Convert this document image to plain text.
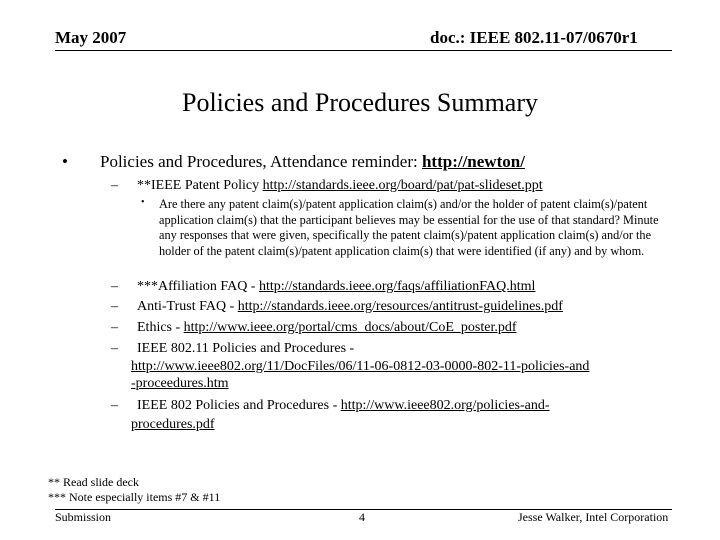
May 2007	doc.: IEEE 802.11-07/0670r1
Policies and Procedures Summary
• Policies and Procedures, Attendance reminder: http://newton/
– **IEEE Patent Policy http://standards.ieee.org/board/pat/pat-slideset.ppt
• Are there any patent claim(s)/patent application claim(s) and/or the holder of patent claim(s)/patent application claim(s) that the participant believes may be essential for the use of that standard? Minute any responses that were given, specifically the patent claim(s)/patent application claim(s) and/or the holder of the patent claim(s)/patent application claim(s) that were identified (if any) and by whom.
– ***Affiliation FAQ - http://standards.ieee.org/faqs/affiliationFAQ.html
– Anti-Trust FAQ - http://standards.ieee.org/resources/antitrust-guidelines.pdf
– Ethics - http://www.ieee.org/portal/cms_docs/about/CoE_poster.pdf
– IEEE 802.11 Policies and Procedures -
http://www.ieee802.org/11/DocFiles/06/11-06-0812-03-0000-802-11-policies-and
-proceedures.htm
– IEEE 802 Policies and Procedures - http://www.ieee802.org/policies-and-
procedures.pdf
** Read slide deck
*** Note especially items #7 & #11
Submission	4	Jesse Walker, Intel Corporation
